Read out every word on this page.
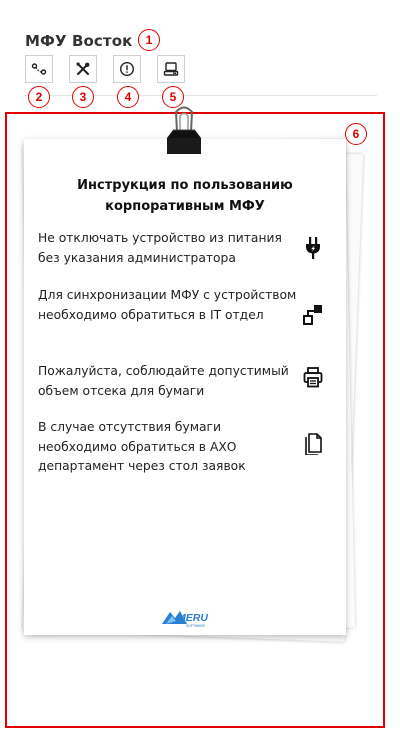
МФУ Восток	1
2	3	4	5
6
Инструкция по пользованию корпоративным МФУ
Не отключать устройство из питания без указания администратора
Для синхронизации МФУ с устройством необходимо обратиться в IT отдел
Пожалуйста, соблюдайте допустимый объем отсека для бумаги
В случае отсутствия бумаги необходимо обратиться в АХО департамент через стол заявок
MERU
SOFTWARE
